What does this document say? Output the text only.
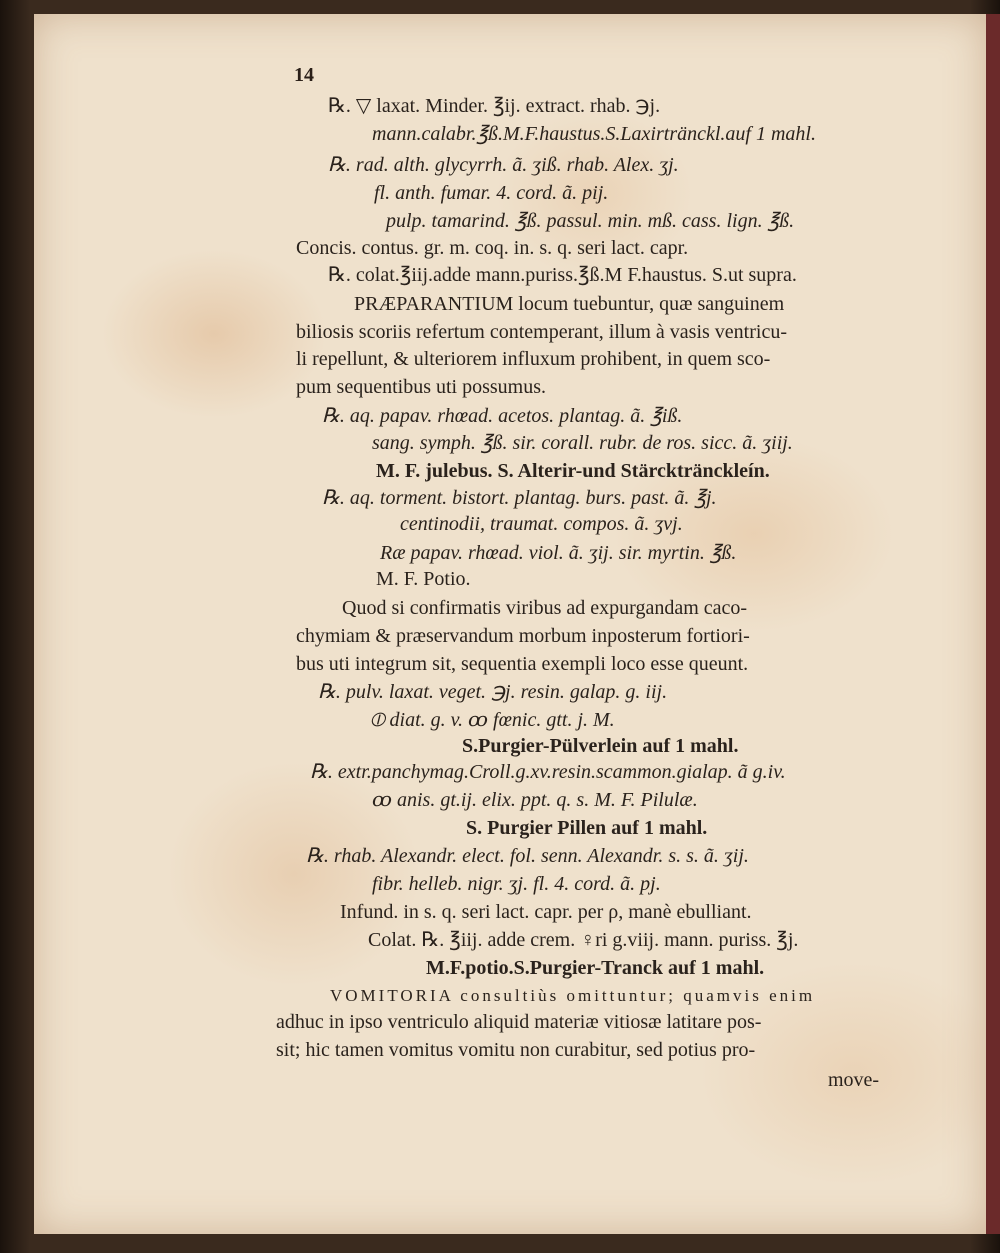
14
℞. ▽ laxat. Minder. ℥ij. extract. rhab. ℈j.
mann.calabr.℥ß.M.F.haustus.S.Laxirtränckl.auf 1 mahl.
℞. rad. alth. glycyrrh. ã. ʒiß. rhab. Alex. ʒj.
fl. anth. fumar. 4. cord. ã. pij.
pulp. tamarind. ℥ß. passul. min. mß. cass. lign. ℥ß.
Concis. contus. gr. m. coq. in. s. q. seri lact. capr.
℞. colat.℥iij.adde mann.puriss.℥ß.M F.haustus. S.ut supra.
PRÆPARANTIUM locum tuebuntur, quæ sanguinem
biliosis scoriis refertum contemperant, illum à vasis ventricu-
li repellunt, & ulteriorem influxum prohibent, in quem sco-
pum sequentibus uti possumus.
℞. aq. papav. rhœad. acetos. plantag. ã. ℥iß.
sang. symph. ℥ß. sir. corall. rubr. de ros. sicc. ã. ʒiij.
M. F. julebus. S. Alterir-und Stärcktränckleín.
℞. aq. torment. bistort. plantag. burs. past. ã. ℥j.
centinodii, traumat. compos. ã. ʒvj.
Ræ papav. rhœad. viol. ã. ʒij. sir. myrtin. ℥ß.
M. F. Potio.
Quod si confirmatis viribus ad expurgandam caco-
chymiam & præservandum morbum inposterum fortiori-
bus uti integrum sit, sequentia exempli loco esse queunt.
℞. pulv. laxat. veget. ℈j. resin. galap. g. iij.
⦶ diat. g. v. ꝏ fœnic. gtt. j. M.
S.Purgier-Pülverlein auf 1 mahl.
℞. extr.panchymag.Croll.g.xv.resin.scammon.gialap. ã g.iv.
ꝏ anis. gt.ij. elix. ppt. q. s. M. F. Pilulæ.
S. Purgier Pillen auf 1 mahl.
℞. rhab. Alexandr. elect. fol. senn. Alexandr. s. s. ã. ʒij.
fibr. helleb. nigr. ʒj. fl. 4. cord. ã. pj.
Infund. in s. q. seri lact. capr. per ρ, manè ebulliant.
Colat. ℞. ℥iij. adde crem. ♀ri g.viij. mann. puriss. ℥j.
M.F.potio.S.Purgier-Tranck auf 1 mahl.
VOMITORIA consultiùs omittuntur; quamvis enim
adhuc in ipso ventriculo aliquid materiæ vitiosæ latitare pos-
sit; hic tamen vomitus vomitu non curabitur, sed potius pro-
move-
